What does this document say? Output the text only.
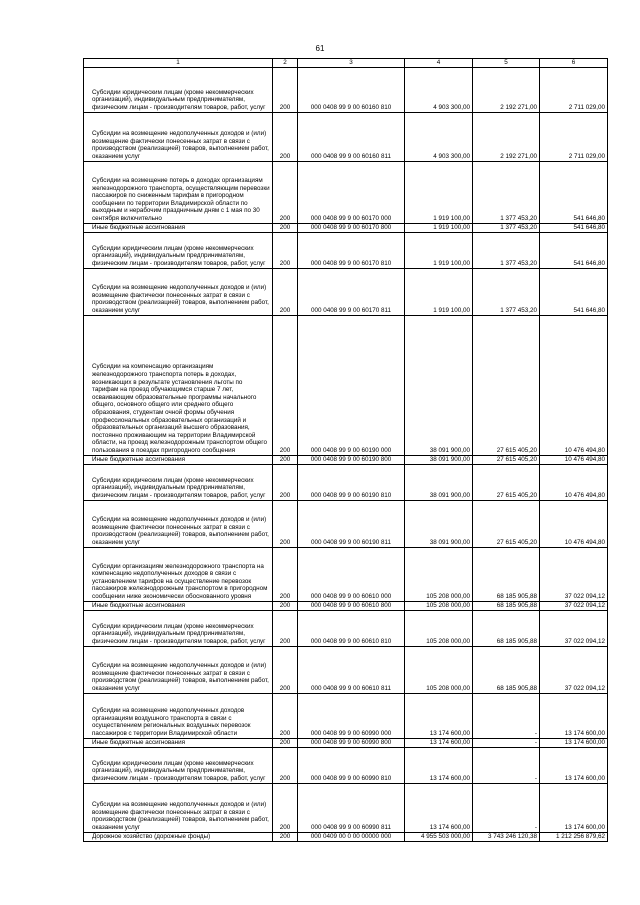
61
1	2	3	4	5	6
Субсидии юридическим лицам (кроме некоммерческих организаций), индивидуальным предпринимателям, физическим лицам - производителям товаров, работ, услуг	200	000 0408 99 9 00 60160 810	4 903 300,00	2 192 271,00	2 711 029,00
Субсидии на возмещение недополученных доходов и (или) возмещение фактически понесенных затрат в связи с производством (реализацией) товаров, выполнением работ, оказанием услуг	200	000 0408 99 9 00 60160 811	4 903 300,00	2 192 271,00	2 711 029,00
Субсидии на возмещение потерь в доходах организациям железнодорожного транспорта, осуществляющим перевозки пассажиров по сниженным тарифам в пригородном сообщении по территории Владимирской области по выходным и нерабочим праздничным дням с 1 мая по 30 сентября включительно	200	000 0408 99 9 00 60170 000	1 919 100,00	1 377 453,20	541 646,80
Иные бюджетные ассигнования	200	000 0408 99 9 00 60170 800	1 919 100,00	1 377 453,20	541 646,80
Субсидии юридическим лицам (кроме некоммерческих организаций), индивидуальным предпринимателям, физическим лицам - производителям товаров, работ, услуг	200	000 0408 99 9 00 60170 810	1 919 100,00	1 377 453,20	541 646,80
Субсидии на возмещение недополученных доходов и (или) возмещение фактически понесенных затрат в связи с производством (реализацией) товаров, выполнением работ, оказанием услуг	200	000 0408 99 9 00 60170 811	1 919 100,00	1 377 453,20	541 646,80
Субсидии на компенсацию организациям железнодорожного транспорта потерь в доходах, возникающих в результате установления льготы по тарифам на проезд обучающимся старше 7 лет, осваивающим образовательные программы начального общего, основного общего или среднего общего образования, студентам очной формы обучения профессиональных образовательных организаций и образовательных организаций высшего образования, постоянно проживающим на территории Владимирской области, на проезд железнодорожным транспортом общего пользования в поездах пригородного сообщения	200	000 0408 99 9 00 60190 000	38 091 900,00	27 615 405,20	10 476 494,80
Иные бюджетные ассигнования	200	000 0408 99 9 00 60190 800	38 091 900,00	27 615 405,20	10 476 494,80
Субсидии юридическим лицам (кроме некоммерческих организаций), индивидуальным предпринимателям, физическим лицам - производителям товаров, работ, услуг	200	000 0408 99 9 00 60190 810	38 091 900,00	27 615 405,20	10 476 494,80
Субсидии на возмещение недополученных доходов и (или) возмещение фактически понесенных затрат в связи с производством (реализацией) товаров, выполнением работ, оказанием услуг	200	000 0408 99 9 00 60190 811	38 091 900,00	27 615 405,20	10 476 494,80
Субсидии организациям железнодорожного транспорта на компенсацию недополученных доходов в связи с установлением тарифов на осуществление перевозок пассажиров железнодорожным транспортом в пригородном сообщении ниже экономически обоснованного уровня	200	000 0408 99 9 00 60610 000	105 208 000,00	68 185 905,88	37 022 094,12
Иные бюджетные ассигнования	200	000 0408 99 9 00 60610 800	105 208 000,00	68 185 905,88	37 022 094,12
Субсидии юридическим лицам (кроме некоммерческих организаций), индивидуальным предпринимателям, физическим лицам - производителям товаров, работ, услуг	200	000 0408 99 9 00 60610 810	105 208 000,00	68 185 905,88	37 022 094,12
Субсидии на возмещение недополученных доходов и (или) возмещение фактически понесенных затрат в связи с производством (реализацией) товаров, выполнением работ, оказанием услуг	200	000 0408 99 9 00 60610 811	105 208 000,00	68 185 905,88	37 022 094,12
Субсидии на возмещение недополученных доходов организациям воздушного транспорта в связи с осуществлением региональных воздушных перевозок пассажиров с территории Владимирской области	200	000 0408 99 9 00 60990 000	13 174 600,00	-	13 174 600,00
Иные бюджетные ассигнования	200	000 0408 99 9 00 60990 800	13 174 600,00	-	13 174 600,00
Субсидии юридическим лицам (кроме некоммерческих организаций), индивидуальным предпринимателям, физическим лицам - производителям товаров, работ, услуг	200	000 0408 99 9 00 60990 810	13 174 600,00	-	13 174 600,00
Субсидии на возмещение недополученных доходов и (или) возмещение фактически понесенных затрат в связи с производством (реализацией) товаров, выполнением работ, оказанием услуг	200	000 0408 99 9 00 60990 811	13 174 600,00	-	13 174 600,00
Дорожное хозяйство (дорожные фонды)	200	000 0409 00 0 00 00000 000	4 955 503 000,00	3 743 246 120,38	1 212 256 879,62
